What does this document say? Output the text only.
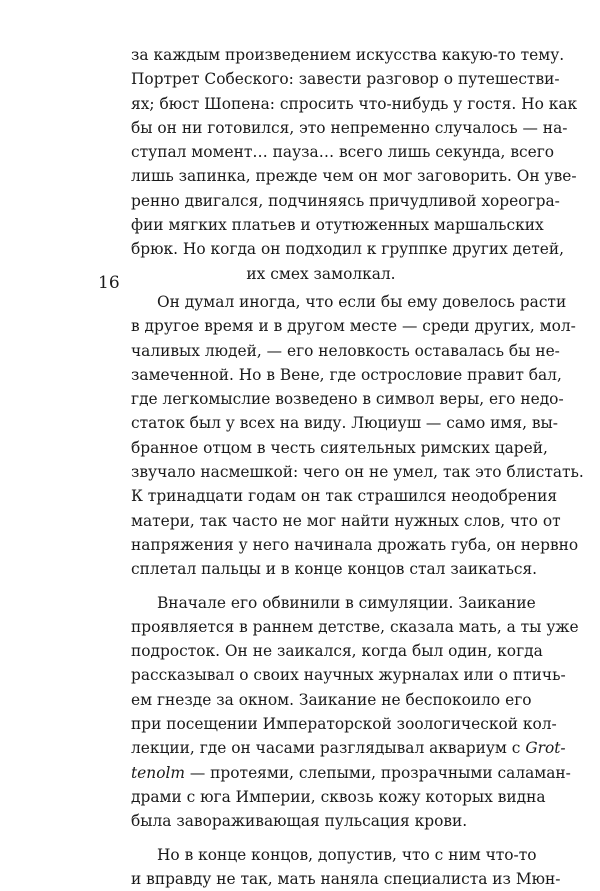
16
за каждым произведением искусства какую-то тему.
Портрет Собеского: завести разговор о путешестви-
ях; бюст Шопена: спросить что-нибудь у гостя. Но как
бы он ни готовился, это непременно случалось — на-
ступал момент… пауза… всего лишь секунда, всего
лишь запинка, прежде чем он мог заговорить. Он уве-
ренно двигался, подчиняясь причудливой хореогра-
фии мягких платьев и отутюженных маршальских
брюк. Но когда он подходил к группке других детей,
их смех замолкал.
Он думал иногда, что если бы ему довелось расти
в другое время и в другом месте — среди других, мол-
чаливых людей, — его неловкость оставалась бы не-
замеченной. Но в Вене, где острословие правит бал,
где легкомыслие возведено в символ веры, его недо-
статок был у всех на виду. Люциуш — само имя, вы-
бранное отцом в честь сиятельных римских царей,
звучало насмешкой: чего он не умел, так это блистать.
К тринадцати годам он так страшился неодобрения
матери, так часто не мог найти нужных слов, что от
напряжения у него начинала дрожать губа, он нервно
сплетал пальцы и в конце концов стал заикаться.
Вначале его обвинили в симуляции. Заикание
проявляется в раннем детстве, сказала мать, а ты уже
подросток. Он не заикался, когда был один, когда
рассказывал о своих научных журналах или о птичь-
ем гнезде за окном. Заикание не беспокоило его
при посещении Императорской зоологической кол-
лекции, где он часами разглядывал аквариум с Grot-
tenolm — протеями, слепыми, прозрачными саламан-
драми с юга Империи, сквозь кожу которых видна
была завораживающая пульсация крови.
Но в конце концов, допустив, что с ним что-то
и вправду не так, мать наняла специалиста из Мюн-
